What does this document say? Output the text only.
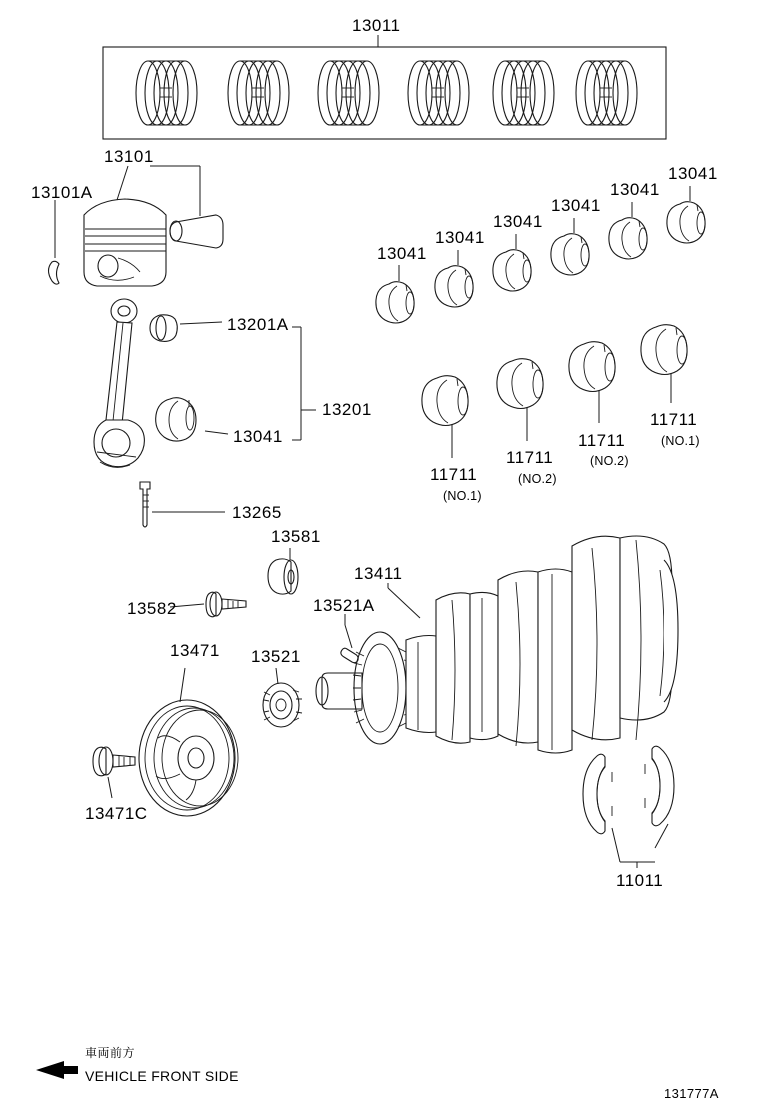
13011
13101
13101A
13201A
13201
13041
13265
13581
13582	13521A
13411
13471 13521
13471C
11011
13041
13041
13041
13041
13041
13041
11711
(NO.1)
11711
(NO.2)
11711
(NO.2)
11711
(NO.1)
車両前方
VEHICLE FRONT SIDE
131777A
